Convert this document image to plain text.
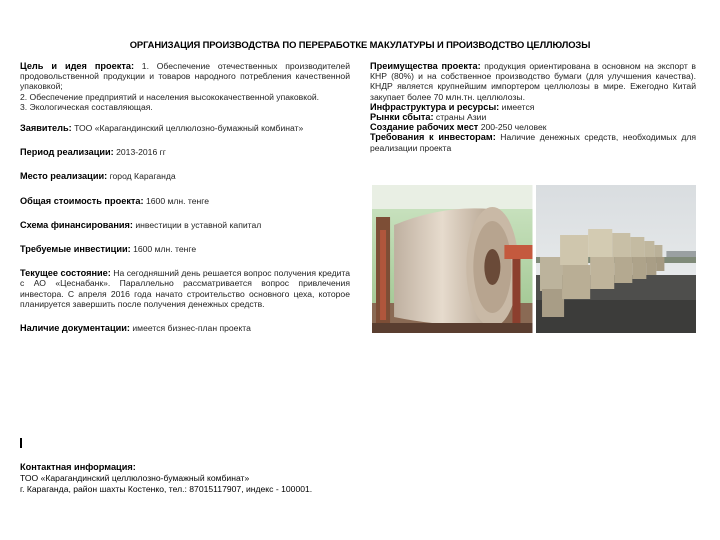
ОРГАНИЗАЦИЯ ПРОИЗВОДСТВА ПО ПЕРЕРАБОТКЕ МАКУЛАТУРЫ И ПРОИЗВОДСТВО ЦЕЛЛЮЛОЗЫ

Цель и идея проекта: 1. Обеспечение отечественных производителей продовольственной продукции и товаров народного потребления качественной упаковкой;
2. Обеспечение предприятий и населения высококачественной упаковкой.
3. Экологическая составляющая.

Заявитель: ТОО «Карагандинский целлюлозно-бумажный комбинат»

Период реализации: 2013-2016 гг

Место реализации: город Караганда

Общая стоимость проекта: 1600 млн. тенге

Схема финансирования: инвестиции в уставной капитал

Требуемые инвестиции: 1600 млн. тенге

Текущее состояние: На сегодняшний день решается вопрос получения кредита с АО «Цеснабанк». Параллельно рассматривается вопрос привлечения инвестора. С апреля 2016 года начато строительство основного цеха, которое планируется завершить после получения денежных средств.

Наличие документации: имеется бизнес-план проекта

Преимущества проекта: продукция ориентирована в основном на экспорт в КНР (80%) и на собственное производство бумаги (для улучшения качества). КНДР является крупнейшим импортером целлюлозы в мире. Ежегодно Китай закупает более 70 млн.тн. целлюлозы.

Инфраструктура и ресурсы: имеется

Рынки сбыта: страны Азии

Создание рабочих мест 200-250 человек

Требования к инвесторам: Наличие денежных средств, необходимых для реализации проекта

Контактная информация:
ТОО «Карагандинский целлюлозно-бумажный комбинат»
г. Караганда, район шахты Костенко, тел.: 87015117907, индекс - 100001.
